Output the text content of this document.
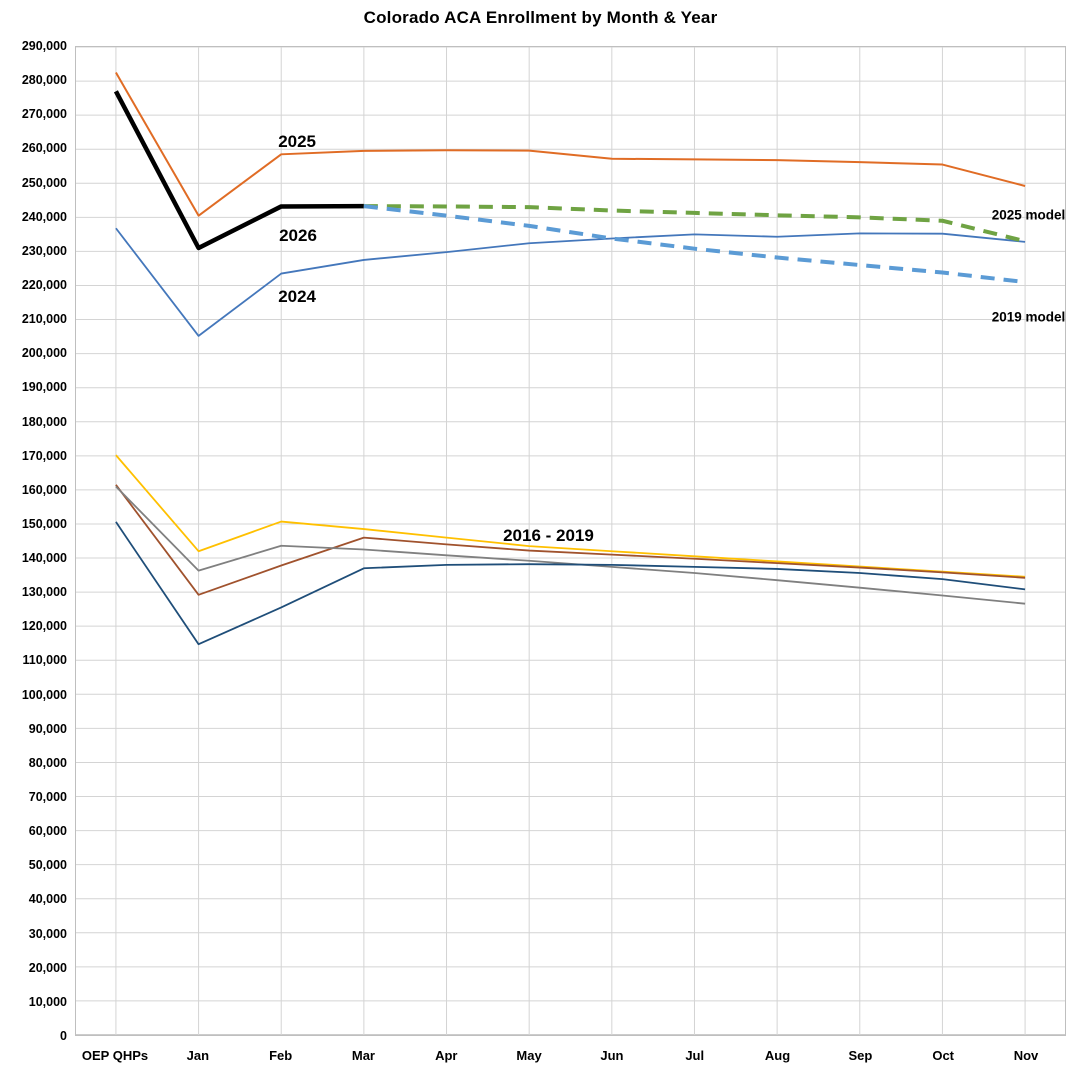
Colorado ACA Enrollment by Month & Year
0
10,000
20,000
30,000
40,000
50,000
60,000
70,000
80,000
90,000
100,000
110,000
120,000
130,000
140,000
150,000
160,000
170,000
180,000
190,000
200,000
210,000
220,000
230,000
240,000
250,000
260,000
270,000
280,000
290,000
OEP QHPs	Jan	Feb	Mar	Apr	May	Jun	Jul	Aug	Sep	Oct	Nov
2025
2026
2024
2016 - 2019
2025 model
2019 model
